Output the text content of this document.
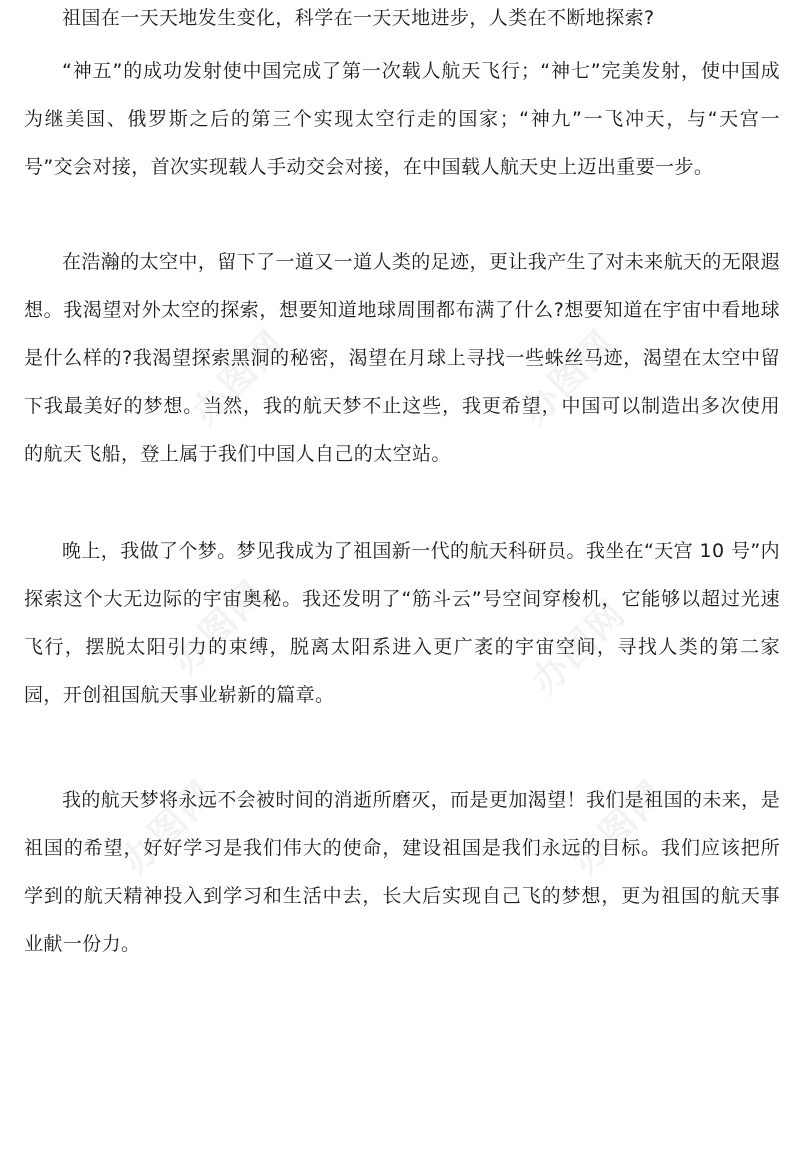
祖国在一天天地发生变化，科学在一天天地进步，人类在不断地探索?

“神五”的成功发射使中国完成了第一次载人航天飞行；“神七”完美发射，使中国成为继美国、俄罗斯之后的第三个实现太空行走的国家；“神九”一飞冲天，与“天宫一号”交会对接，首次实现载人手动交会对接，在中国载人航天史上迈出重要一步。

在浩瀚的太空中，留下了一道又一道人类的足迹，更让我产生了对未来航天的无限遐想。我渴望对外太空的探索，想要知道地球周围都布满了什么?想要知道在宇宙中看地球是什么样的?我渴望探索黑洞的秘密，渴望在月球上寻找一些蛛丝马迹，渴望在太空中留下我最美好的梦想。当然，我的航天梦不止这些，我更希望，中国可以制造出多次使用的航天飞船，登上属于我们中国人自己的太空站。

晚上，我做了个梦。梦见我成为了祖国新一代的航天科研员。我坐在“天宫 10 号”内探索这个大无边际的宇宙奥秘。我还发明了“筋斗云”号空间穿梭机，它能够以超过光速飞行，摆脱太阳引力的束缚，脱离太阳系进入更广袤的宇宙空间，寻找人类的第二家园，开创祖国航天事业崭新的篇章。

我的航天梦将永远不会被时间的消逝所磨灭，而是更加渴望！我们是祖国的未来，是祖国的希望，好好学习是我们伟大的使命，建设祖国是我们永远的目标。我们应该把所学到的航天精神投入到学习和生活中去，长大后实现自己飞的梦想，更为祖国的航天事业献一份力。

办图网	办图网
办图网	办图网
办图网	办图网
